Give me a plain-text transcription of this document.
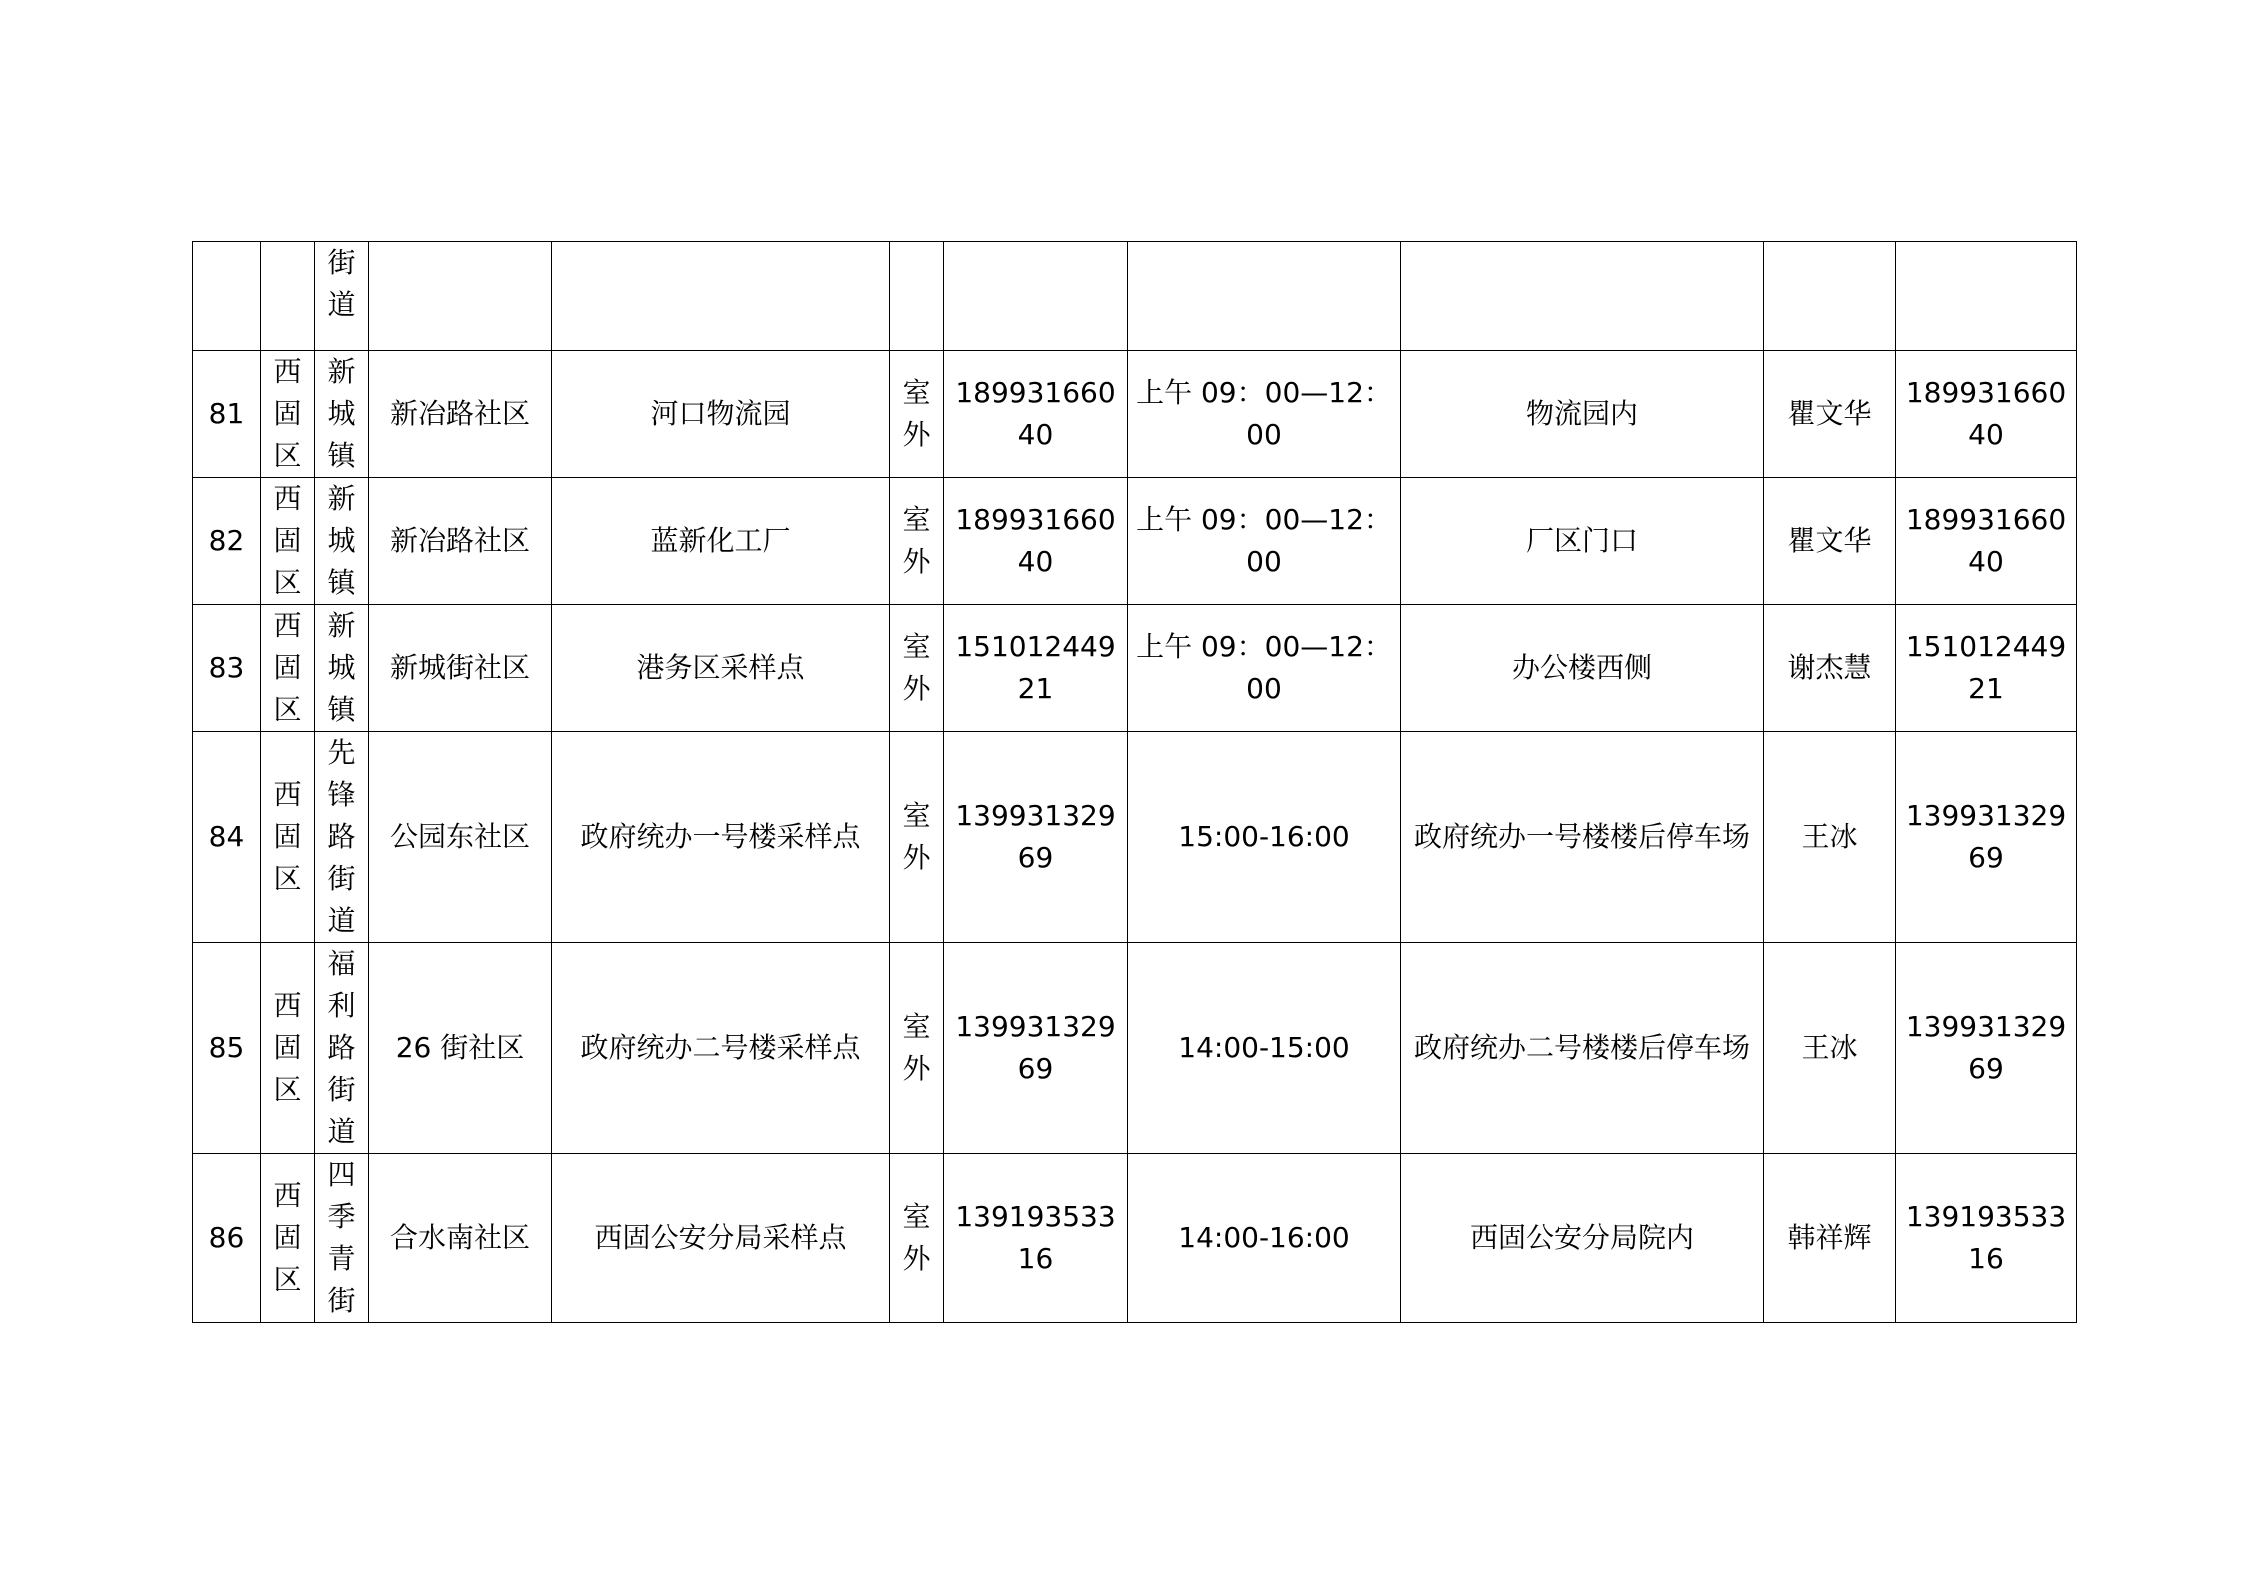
		街道								
81	西固区	新城镇	新冶路社区	河口物流园	室外	18993166040	上午 09：00—12：00	物流园内	瞿文华	18993166040
82	西固区	新城镇	新冶路社区	蓝新化工厂	室外	18993166040	上午 09：00—12：00	厂区门口	瞿文华	18993166040
83	西固区	新城镇	新城街社区	港务区采样点	室外	15101244921	上午 09：00—12：00	办公楼西侧	谢杰慧	15101244921
84	西固区	先锋路街道	公园东社区	政府统办一号楼采样点	室外	13993132969	15:00-16:00	政府统办一号楼楼后停车场	王冰	13993132969
85	西固区	福利路街道	26 街社区	政府统办二号楼采样点	室外	13993132969	14:00-15:00	政府统办二号楼楼后停车场	王冰	13993132969
86	西固区	四季青街	合水南社区	西固公安分局采样点	室外	13919353316	14:00-16:00	西固公安分局院内	韩祥辉	13919353316
